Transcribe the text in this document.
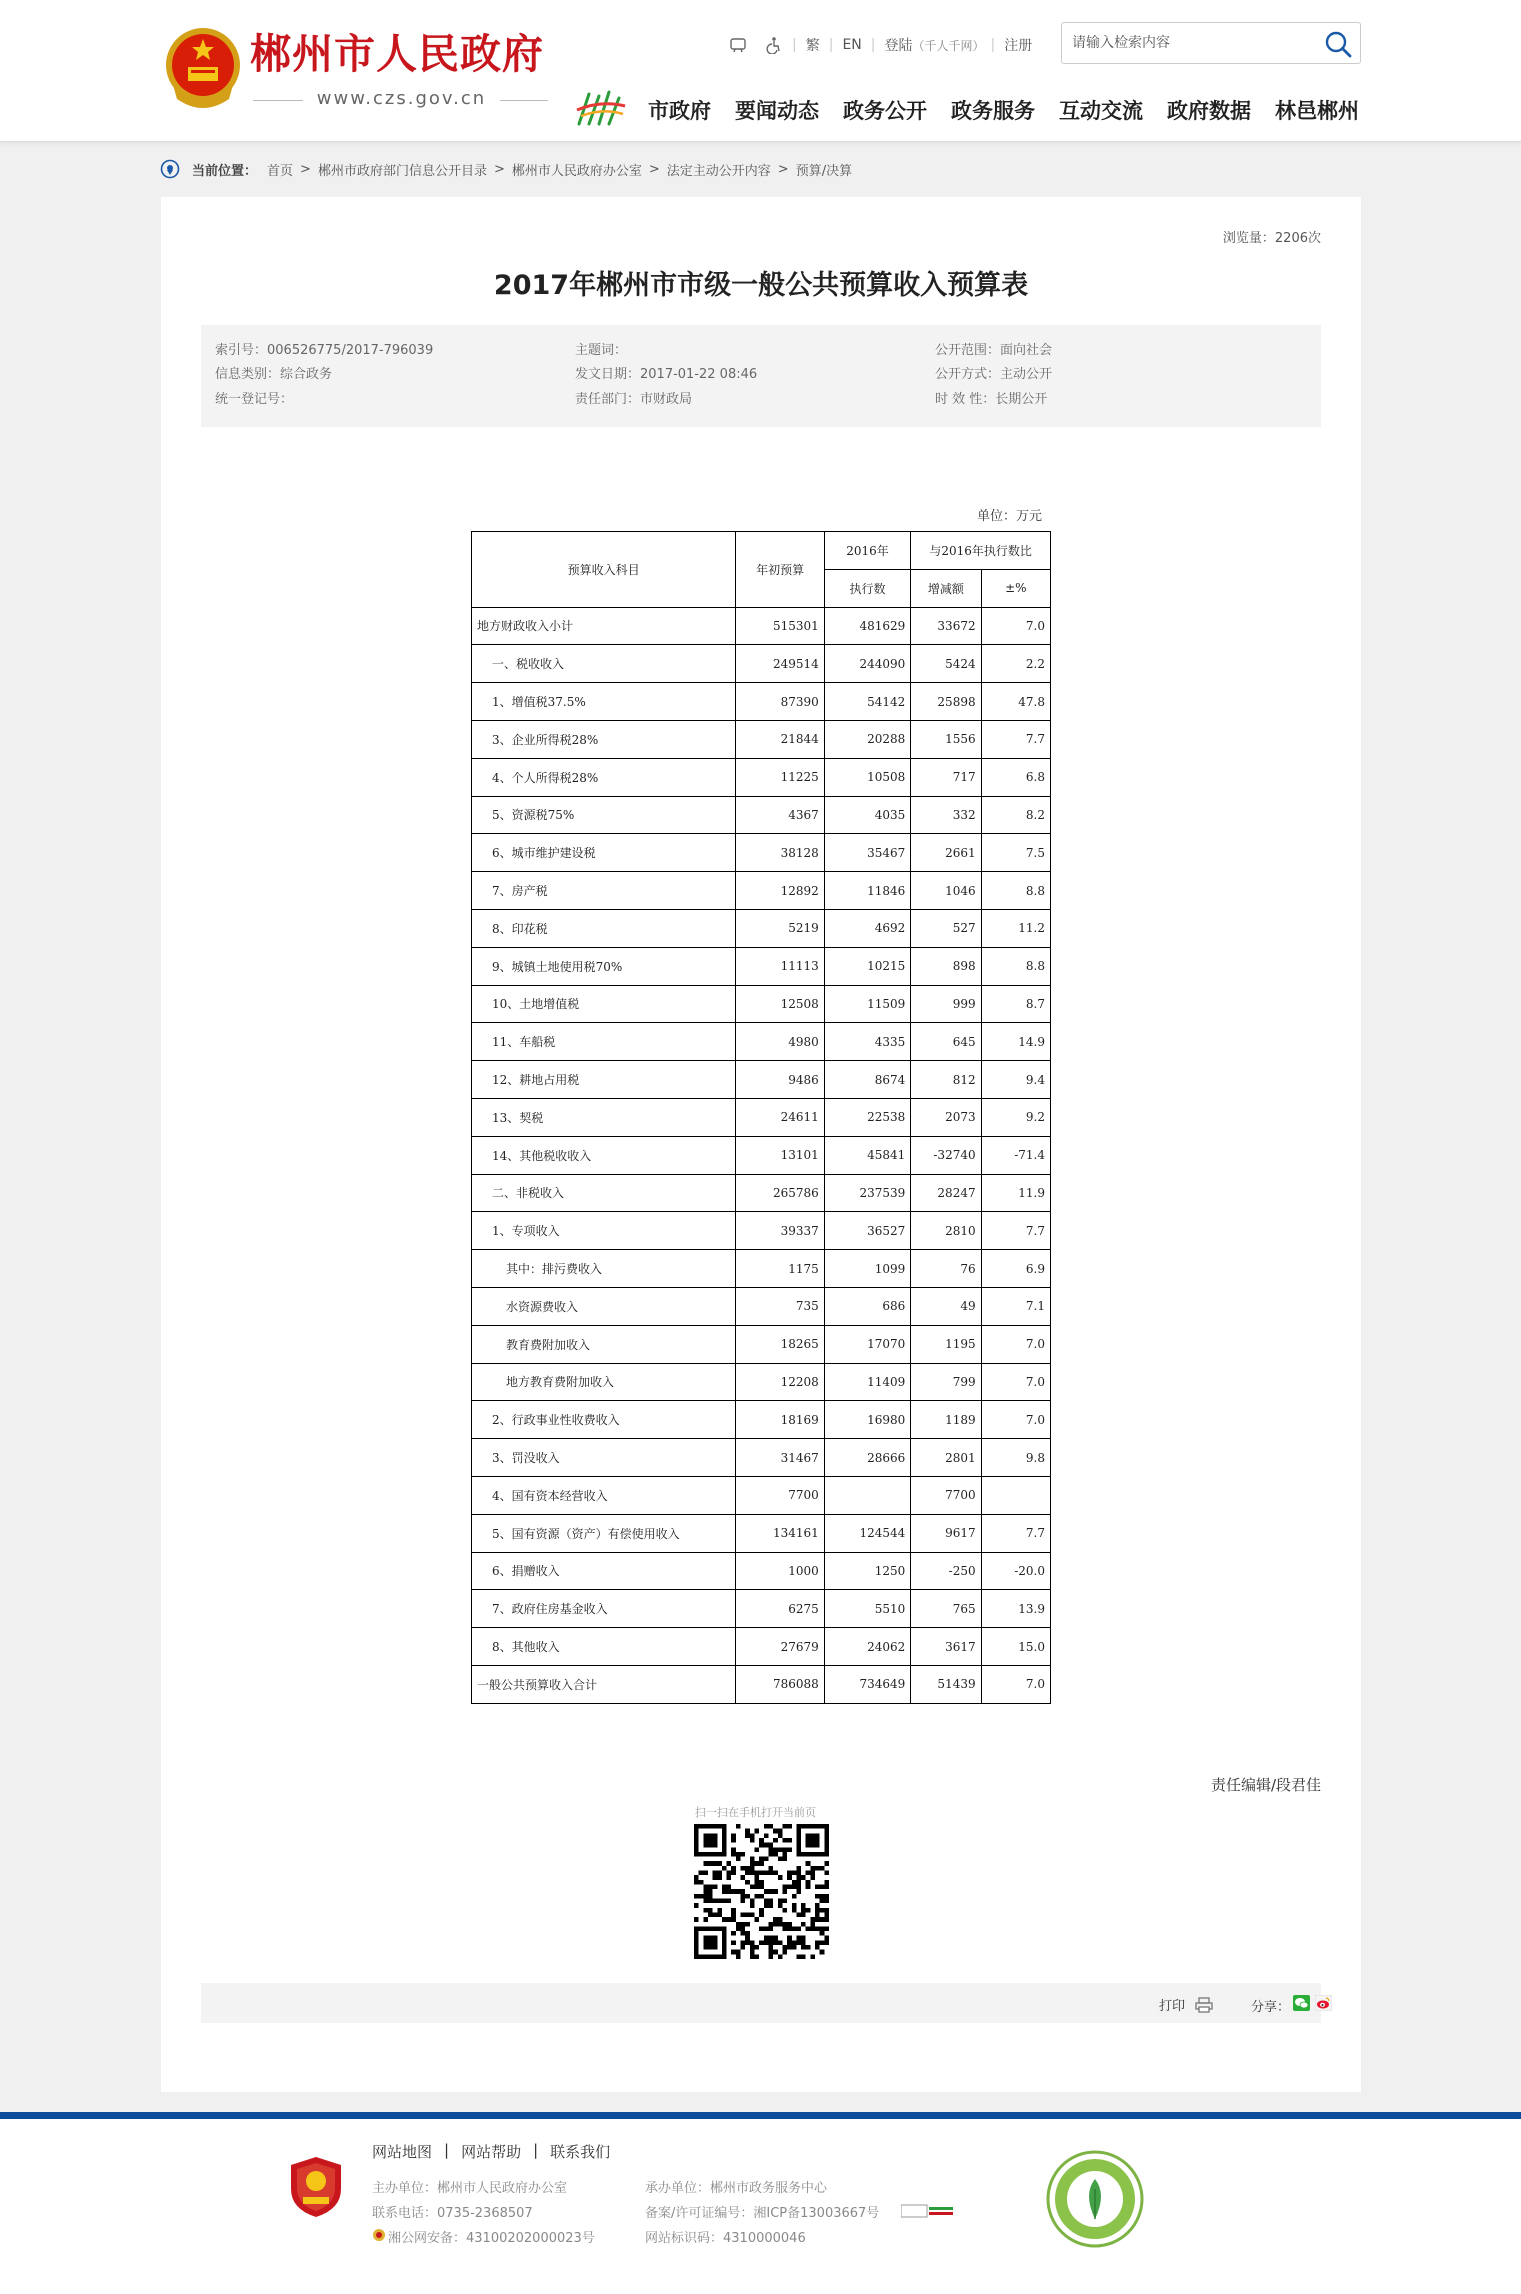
郴州市人民政府
www.czs.gov.cn
| 繁 | EN | 登陆 （千人千网） | 注册
请输入检索内容
市政府 要闻动态 政务公开 政务服务 互动交流 政府数据 林邑郴州
当前位置： 首页 > 郴州市政府部门信息公开目录 > 郴州市人民政府办公室 > 法定主动公开内容 > 预算/决算
浏览量：2206次
2017年郴州市市级一般公共预算收入预算表
索引号：006526775/2017-796039
信息类别：综合政务
统一登记号：
主题词：
发文日期：2017-01-22 08:46
责任部门：市财政局
公开范围：面向社会
公开方式：主动公开
时 效 性：长期公开
单位：万元
预算收入科目	年初预算	2016年	与2016年执行数比	
		执行数	增减额	±%
地方财政收入小计	515301	481629	33672	7.0
一、税收收入	249514	244090	5424	2.2
1、增值税37.5%	87390	54142	25898	47.8
3、企业所得税28%	21844	20288	1556	7.7
4、个人所得税28%	11225	10508	717	6.8
5、资源税75%	4367	4035	332	8.2
6、城市维护建设税	38128	35467	2661	7.5
7、房产税	12892	11846	1046	8.8
8、印花税	5219	4692	527	11.2
9、城镇土地使用税70%	11113	10215	898	8.8
10、土地增值税	12508	11509	999	8.7
11、车船税	4980	4335	645	14.9
12、耕地占用税	9486	8674	812	9.4
13、契税	24611	22538	2073	9.2
14、其他税收收入	13101	45841	-32740	-71.4
二、非税收入	265786	237539	28247	11.9
1、专项收入	39337	36527	2810	7.7
其中：排污费收入	1175	1099	76	6.9
水资源费收入	735	686	49	7.1
教育费附加收入	18265	17070	1195	7.0
地方教育费附加收入	12208	11409	799	7.0
2、行政事业性收费收入	18169	16980	1189	7.0
3、罚没收入	31467	28666	2801	9.8
4、国有资本经营收入	7700		7700	
5、国有资源（资产）有偿使用收入	134161	124544	9617	7.7
6、捐赠收入	1000	1250	-250	-20.0
7、政府住房基金收入	6275	5510	765	13.9
8、其他收入	27679	24062	3617	15.0
一般公共预算收入合计	786088	734649	51439	7.0
责任编辑/段君佳
扫一扫在手机打开当前页
打印	分享：
网站地图 | 网站帮助 | 联系我们
主办单位：郴州市人民政府办公室
联系电话：0735-2368507
湘公网安备：43100202000023号
承办单位：郴州市政务服务中心
备案/许可证编号：湘ICP备13003667号
网站标识码：4310000046
